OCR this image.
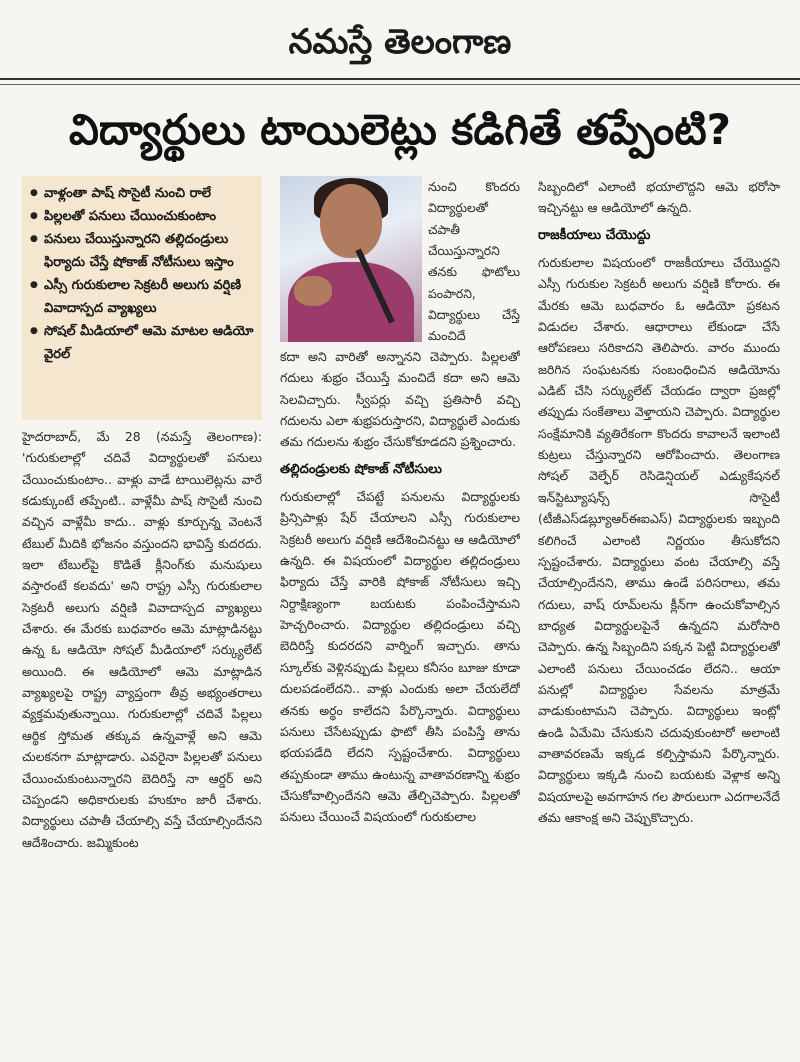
నమస్తే తెలంగాణ
విద్యార్థులు టాయిలెట్లు కడిగితే తప్పేంటి?
● వాళ్లంతా పాష్‌ సొసైటీ నుంచి రాలే
● పిల్లలతో పనులు చేయించుకుంటాం
● పనులు చేయిస్తున్నారని తల్లిదండ్రులు ఫిర్యాదు చేస్తే షోకాజ్‌ నోటీసులు ఇస్తాం
● ఎస్సీ గురుకులాల సెక్రటరీ అలుగు వర్షిణి వివాదాస్పద వ్యాఖ్యలు
● సోషల్‌ మీడియాలో ఆమె మాటల ఆడియో వైరల్‌

హైదరాబాద్, మే 28 (నమస్తే తెలంగాణ): 'గురుకులాల్లో చదివే విద్యార్థులతో పనులు చేయించుకుంటాం.. వాళ్లు వాడే టాయిలెట్లను వారే కడుక్కుంటే తప్పేంటి.. వాళ్లేమీ పాష్‌ సొసైటీ నుంచి వచ్చిన వాళ్లేమీ కాదు.. వాళ్లు కూర్చున్న వెంటనే టేబుల్‌ మీదికి భోజనం వస్తుందని భావిస్తే కుదరదు. ఇలా టేబుల్‌పై కొడితే క్లీనింగ్‌కు మనుషులు వస్తారంటే కలవదు' అని రాష్ట్ర ఎస్సీ గురుకులాల సెక్రటరీ అలుగు వర్షిణి వివాదాస్పద వ్యాఖ్యలు చేశారు. ఈ మేరకు బుధవారం ఆమె మాట్లాడినట్టు ఉన్న ఓ ఆడియో సోషల్‌ మీడియాలో సర్క్యులేట్‌ అయింది. ఈ ఆడియోలో ఆమె మాట్లాడిన వ్యాఖ్యలపై రాష్ట్ర వ్యాప్తంగా తీవ్ర అభ్యంతరాలు వ్యక్తమవుతున్నాయి. గురుకులాల్లో చదివే పిల్లలు ఆర్థిక స్తోమత తక్కువ ఉన్నవాళ్లే అని ఆమె చులకనగా మాట్లాడారు. ఎవరైనా పిల్లలతో పనులు చేయించుకుంటున్నారని బెదిరిస్తే నా ఆర్డర్‌ అని చెప్పండని అధికారులకు హుకూం జారీ చేశారు. విద్యార్థులు చపాతీ చేయాల్సి వస్తే చేయాల్సిందేనని ఆదేశించారు. జమ్మికుంట

నుంచి కొందరు విద్యార్థులతో చపాతీ చేయిస్తున్నారని తనకు ఫొటోలు పంపారని, విద్యార్థులు చేస్తే మంచిదే

కదా అని వారితో అన్నానని చెప్పారు. పిల్లలతో గదులు శుభ్రం చేయిస్తే మంచిదే కదా అని ఆమె సెలవిచ్చారు. స్వీపర్లు వచ్చి ప్రతిసారీ వచ్చి గదులను ఎలా శుభ్రపరుస్తారని, విద్యార్థులే ఎందుకు తమ గదులను శుభ్రం చేసుకోకూడదని ప్రశ్నించారు.

తల్లిదండ్రులకు షోకాజ్‌ నోటీసులు

గురుకులాల్లో చేపట్టే పనులను విద్యార్థులకు ప్రిన్సిపాళ్లు షేర్‌ చేయాలని ఎస్సీ గురుకులాల సెక్రటరీ అలుగు వర్షిణి ఆదేశించినట్టు ఆ ఆడియోలో ఉన్నది. ఈ విషయంలో విద్యార్థుల తల్లిదండ్రులు ఫిర్యాదు చేస్తే వారికి షోకాజ్‌ నోటీసులు ఇచ్చి నిర్దాక్షిణ్యంగా బయటకు పంపించేస్తామని హెచ్చరించారు. విద్యార్థుల తల్లిదండ్రులు వచ్చి బెదిరిస్తే కుదరదని వార్నింగ్‌ ఇచ్చారు. తాను స్కూల్‌కు వెళ్లినప్పుడు పిల్లలు కనీసం బూజు కూడా దులపడంలేదని.. వాళ్లు ఎందుకు అలా చేయలేదో తనకు అర్థం కాలేదని పేర్కొన్నారు. విద్యార్థులు పనులు చేసేటప్పుడు ఫొటో తీసి పంపిస్తే తాను భయపడేది లేదని స్పష్టంచేశారు. విద్యార్థులు తప్పకుండా తాము ఉంటున్న వాతావరణాన్ని శుభ్రం చేసుకోవాల్సిందేనని ఆమె తేల్చిచెప్పారు. పిల్లలతో పనులు చేయించే విషయంలో గురుకులాల

సిబ్బందిలో ఎలాంటి భయాలొద్దని ఆమె భరోసా ఇచ్చినట్టు ఆ ఆడియోలో ఉన్నది.

రాజకీయాలు చేయొద్దు

గురుకులాల విషయంలో రాజకీయాలు చేయొద్దని ఎస్సీ గురుకుల సెక్రటరీ అలుగు వర్షిణి కోరారు. ఈ మేరకు ఆమె బుధవారం ఓ ఆడియో ప్రకటన విడుదల చేశారు. ఆధారాలు లేకుండా చేసే ఆరోపణలు సరికాదని తెలిపారు. వారం ముందు జరిగిన సంఘటనకు సంబంధించిన ఆడియోను ఎడిట్‌ చేసి సర్క్యులేట్‌ చేయడం ద్వారా ప్రజల్లో తప్పుడు సంకేతాలు వెళ్తాయని చెప్పారు. విద్యార్థుల సంక్షేమానికి వ్యతిరేకంగా కొందరు కావాలనే ఇలాంటి కుట్రలు చేస్తున్నారని ఆరోపించారు. తెలంగాణ సోషల్‌ వెల్ఫేర్‌ రెసిడెన్షియల్‌ ఎడ్యుకేషనల్‌ ఇన్‌స్టిట్యూషన్స్‌ సొసైటీ (టీజీఎస్‌డబ్ల్యూఆర్‌ఈఐఎస్‌) విద్యార్థులకు ఇబ్బంది కలిగించే ఎలాంటి నిర్ణయం తీసుకోదని స్పష్టంచేశారు. విద్యార్థులు వంట చేయాల్సి వస్తే చేయాల్సిందేనని, తాము ఉండే పరిసరాలు, తమ గదులు, వాష్‌ రూమ్‌లను క్లీన్‌గా ఉంచుకోవాల్సిన బాధ్యత విద్యార్థులపైనే ఉన్నదని మరోసారి చెప్పారు. ఉన్న సిబ్బందిని పక్కన పెట్టి విద్యార్థులతో ఎలాంటి పనులు చేయించడం లేదని.. ఆయా పనుల్లో విద్యార్థుల సేవలను మాత్రమే వాడుకుంటామని చెప్పారు. విద్యార్థులు ఇంట్లో ఉండి ఏమేమి చేసుకుని చదువుకుంటారో అలాంటి వాతావరణమే ఇక్కడ కల్పిస్తామని పేర్కొన్నారు. విద్యార్థులు ఇక్కడి నుంచి బయటకు వెళ్లాక అన్ని విషయాలపై అవగాహన గల పౌరులుగా ఎదగాలనేదే తమ ఆకాంక్ష అని చెప్పుకొచ్చారు.
